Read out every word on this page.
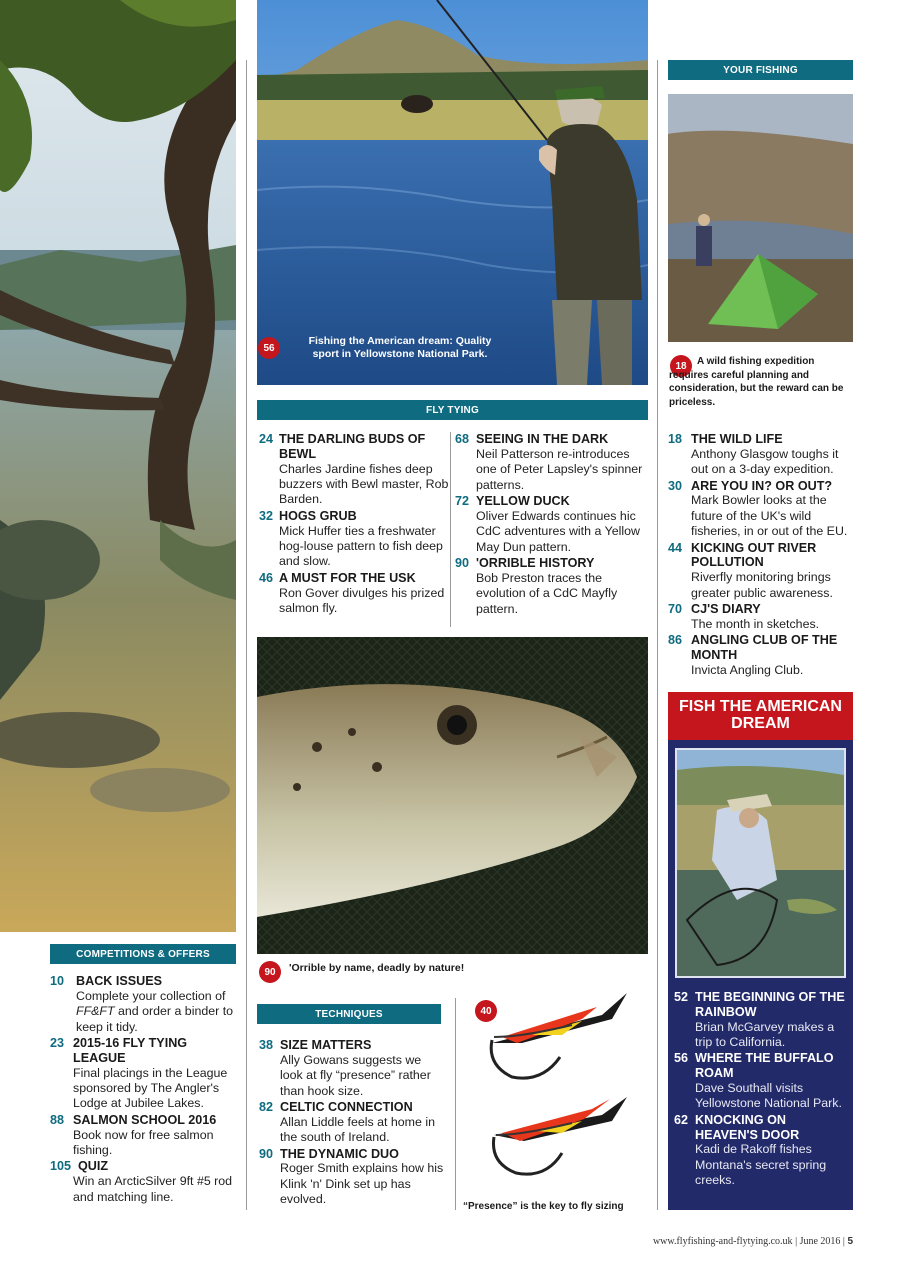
COMPETITIONS & OFFERS
10 BACK ISSUES
Complete your collection of FF&FT and order a binder to keep it tidy.
23 2015-16 FLY TYING LEAGUE
Final placings in the League sponsored by The Angler's Lodge at Jubilee Lakes.
88 SALMON SCHOOL 2016
Book now for free salmon fishing.
105 QUIZ
Win an ArcticSilver 9ft #5 rod and matching line.
56
Fishing the American dream: Quality sport in Yellowstone National Park.
FLY TYING
24 THE DARLING BUDS OF BEWL
Charles Jardine fishes deep buzzers with Bewl master, Rob Barden.
32 HOGS GRUB
Mick Huffer ties a freshwater hog-louse pattern to fish deep and slow.
46 A MUST FOR THE USK
Ron Gover divulges his prized salmon fly.
68 SEEING IN THE DARK
Neil Patterson re-introduces one of Peter Lapsley's spinner patterns.
72 YELLOW DUCK
Oliver Edwards continues hic CdC adventures with a Yellow May Dun pattern.
90 'ORRIBLE HISTORY
Bob Preston traces the evolution of a CdC Mayfly pattern.
90	'Orrible by name, deadly by nature!
TECHNIQUES
38 SIZE MATTERS
Ally Gowans suggests we look at fly “presence” rather than hook size.
82 CELTIC CONNECTION
Allan Liddle feels at home in the south of Ireland.
90 THE DYNAMIC DUO
Roger Smith explains how his Klink 'n' Dink set up has evolved.
40
“Presence” is the key to fly sizing
YOUR FISHING
18	A wild fishing expedition requires careful planning and consideration, but the reward can be priceless.
18 THE WILD LIFE
Anthony Glasgow toughs it out on a 3-day expedition.
30 ARE YOU IN? OR OUT?
Mark Bowler looks at the future of the UK's wild fisheries, in or out of the EU.
44 KICKING OUT RIVER POLLUTION
Riverfly monitoring brings greater public awareness.
70 CJ'S DIARY
The month in sketches.
86 ANGLING CLUB OF THE MONTH
Invicta Angling Club.
FISH THE AMERICAN DREAM
52 THE BEGINNING OF THE RAINBOW
Brian McGarvey makes a trip to California.
56 WHERE THE BUFFALO ROAM
Dave Southall visits Yellowstone National Park.
62 KNOCKING ON HEAVEN'S DOOR
Kadi de Rakoff fishes Montana's secret spring creeks.
www.flyfishing-and-flytying.co.uk | June 2016 | 5
